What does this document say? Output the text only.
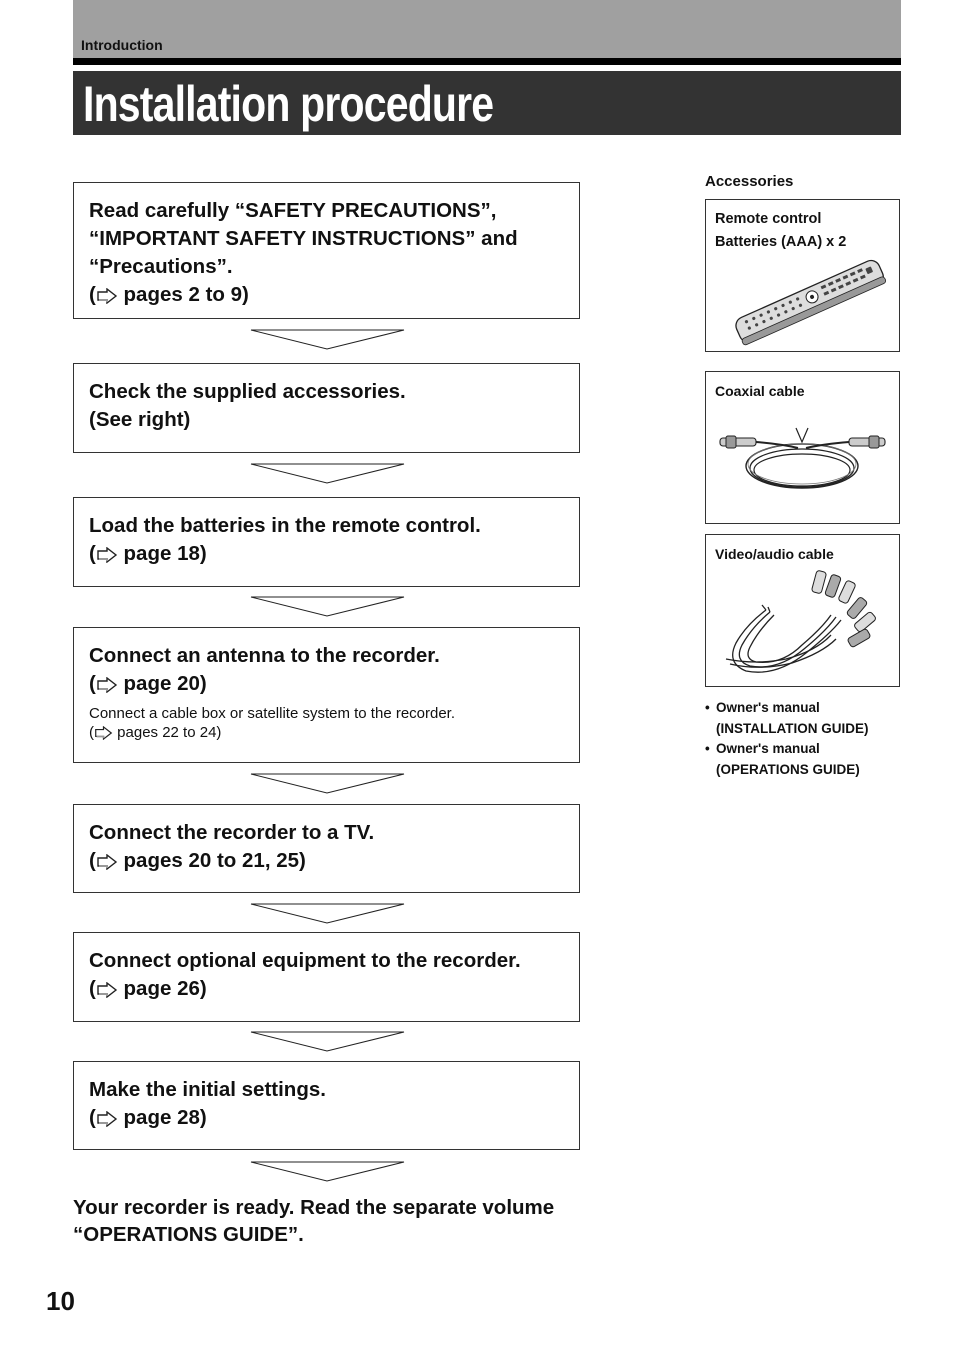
Introduction
Installation procedure
Read carefully “SAFETY PRECAUTIONS”, “IMPORTANT SAFETY INSTRUCTIONS” and “Precautions”.
( pages 2 to 9)
Check the supplied accessories.
(See right)
Load the batteries in the remote control.
( page 18)
Connect an antenna to the recorder.
( page 20)
Connect a cable box or satellite system to the recorder.
( pages 22 to 24)
Connect the recorder to a TV.
( pages 20 to 21, 25)
Connect optional equipment to the recorder.
( page 26)
Make the initial settings.
( page 28)

Your recorder is ready. Read the separate volume “OPERATIONS GUIDE”.

10
Accessories
Remote control
Batteries (AAA) x 2
Coaxial cable
Video/audio cable
• Owner's manual
(INSTALLATION GUIDE)
• Owner's manual
(OPERATIONS GUIDE)
